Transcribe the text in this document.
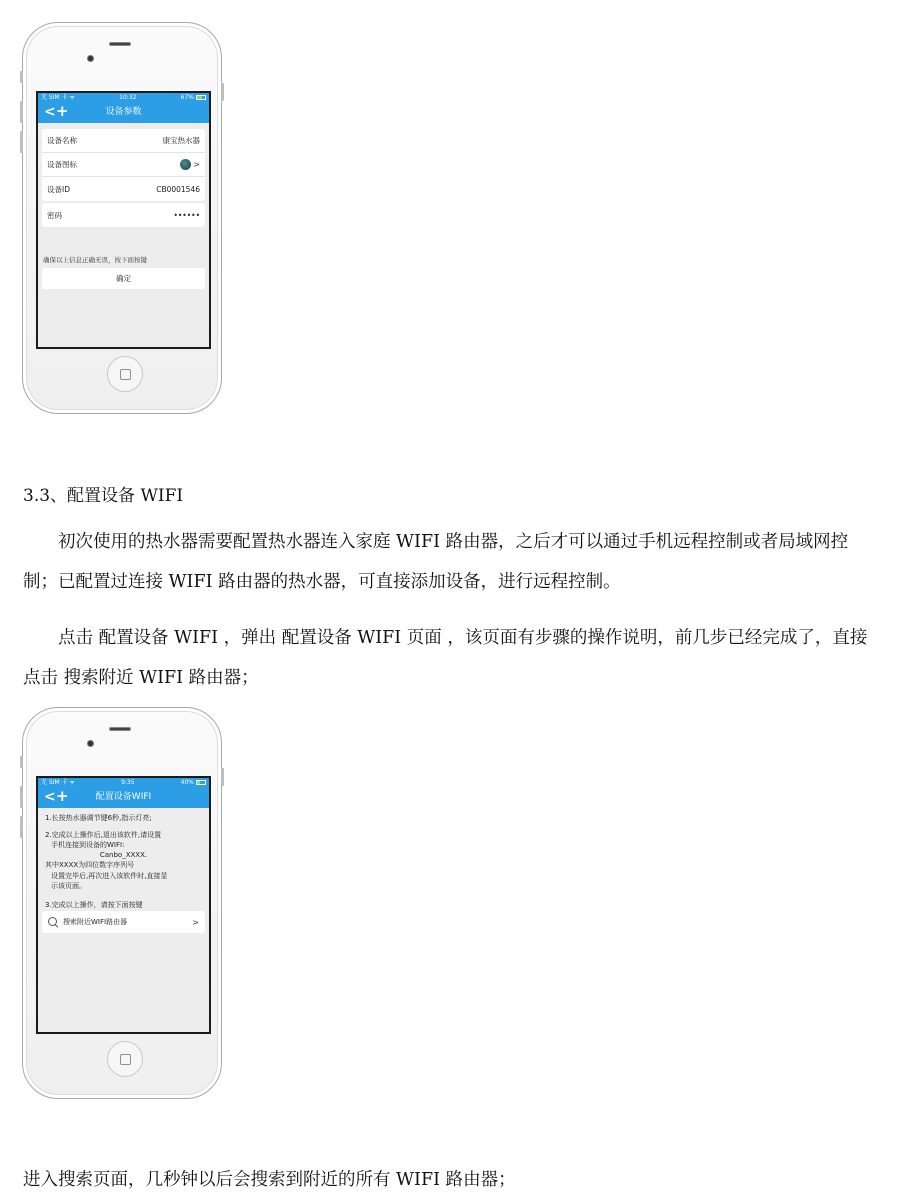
无 SIM 卡 ᯤ	10:32	67%
< +	设备参数
设备名称	康宝热水器
设备图标	>
设备ID	CB0001546
密码	••••••
确保以上信息正确无误，按下面按键
确定
3.3、配置设备 WIFI
初次使用的热水器需要配置热水器连入家庭 WIFI 路由器，之后才可以通过手机远程控制或者局域网控制；已配置过连接 WIFI 路由器的热水器，可直接添加设备，进行远程控制。
点击 配置设备 WIFI ，弹出 配置设备 WIFI 页面 ，该页面有步骤的操作说明，前几步已经完成了，直接点击 搜索附近 WIFI 路由器；
无 SIM 卡 ᯤ	9:35	40%
< +	配置设备WIFI

1.长按热水器调节键6秒,指示灯亮;

2.完成以上操作后,退出该软件,请设置

手机连接到设备的WIFI:

Canbo_XXXX.

其中XXXX为四位数字序列号

设置完毕后,再次进入该软件时,直接显

示该页面。

3.完成以上操作，请按下面按键

搜索附近WIFI路由器	>
进入搜索页面，几秒钟以后会搜索到附近的所有 WIFI 路由器；
